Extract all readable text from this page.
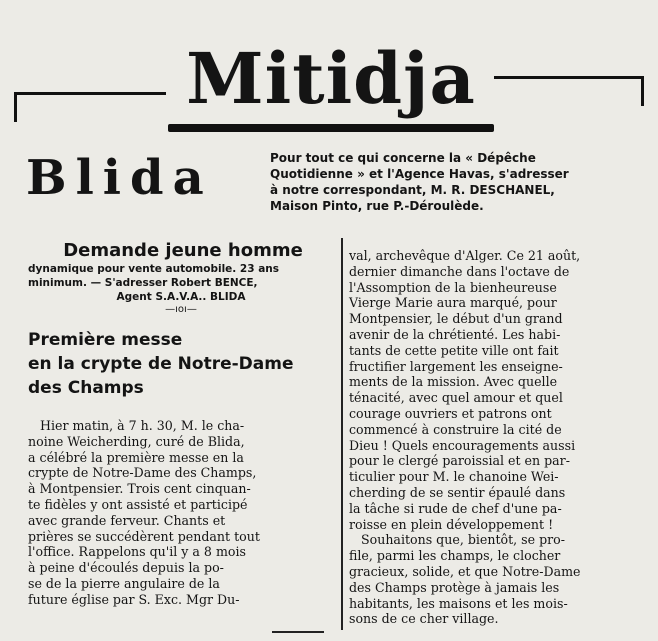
Mitidja
Blida	Pour tout ce qui concerne la « Dépêche
Quotidienne » et l'Agence Havas, s'adresser
à notre correspondant, M. R. DESCHANEL,
Maison Pinto, rue P.-Déroulède.
Demande jeune homme
dynamique pour vente automobile. 23 ans
minimum. — S'adresser Robert BENCE,
Agent S.A.V.A.. BLIDA
—ıoı—
Première messe
en la crypte de Notre-Dame
des Champs
Hier matin, à 7 h. 30, M. le cha-
noine Weicherding, curé de Blida,
a célébré la première messe en la
crypte de Notre-Dame des Champs,
à Montpensier. Trois cent cinquan-
te fidèles y ont assisté et participé
avec grande ferveur. Chants et
prières se succédèrent pendant tout
l'office. Rappelons qu'il y a 8 mois
à peine d'écoulés depuis la po-
se de la pierre angulaire de la
future église par S. Exc. Mgr Du-
val, archevêque d'Alger. Ce 21 août,
dernier dimanche dans l'octave de
l'Assomption de la bienheureuse
Vierge Marie aura marqué, pour
Montpensier, le début d'un grand
avenir de la chrétienté. Les habi-
tants de cette petite ville ont fait
fructifier largement les enseigne-
ments de la mission. Avec quelle
ténacité, avec quel amour et quel
courage ouvriers et patrons ont
commencé à construire la cité de
Dieu ! Quels encouragements aussi
pour le clergé paroissial et en par-
ticulier pour M. le chanoine Wei-
cherding de se sentir épaulé dans
la tâche si rude de chef d'une pa-
roisse en plein développement !
Souhaitons que, bientôt, se pro-
file, parmi les champs, le clocher
gracieux, solide, et que Notre-Dame
des Champs protège à jamais les
habitants, les maisons et les mois-
sons de ce cher village.
